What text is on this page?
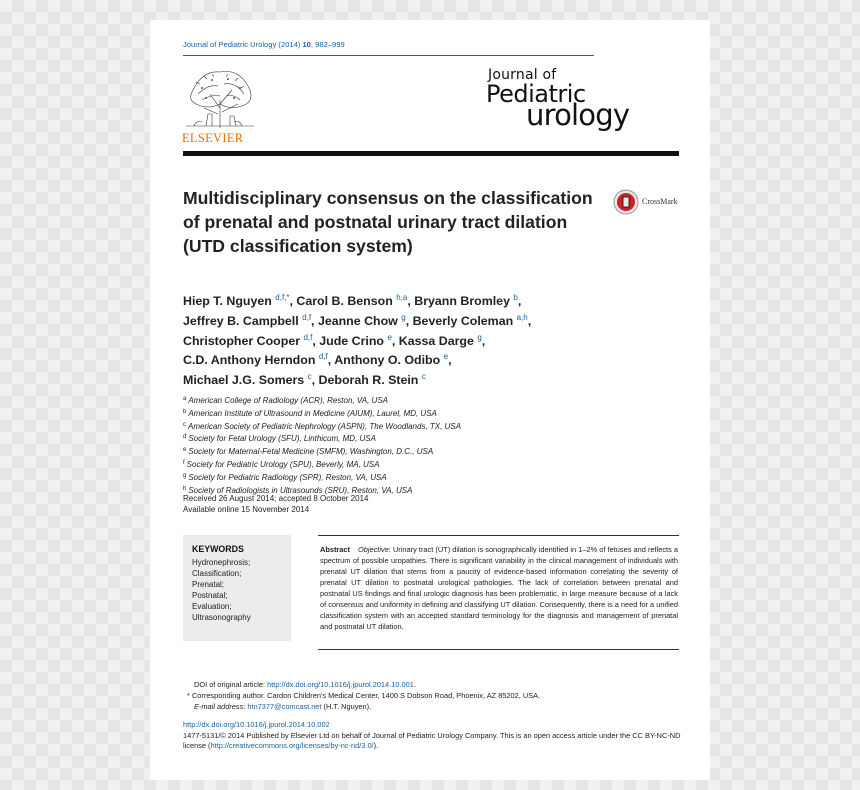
Journal of Pediatric Urology (2014) 10, 982–999
ELSEVIER
Journal of
Pediatric
urology
Multidisciplinary consensus on the classification of prenatal and postnatal urinary tract dilation (UTD classification system)
CrossMark
Hiep T. Nguyen $^{d,f,*}$, Carol B. Benson $^{h,a}$, Bryann Bromley $^b$,
Jeffrey B. Campbell $^{d,f}$, Jeanne Chow $^g$, Beverly Coleman $^{a,h}$,
Christopher Cooper $^{d,f}$, Jude Crino $^e$, Kassa Darge $^g$,
C.D. Anthony Herndon $^{d,f}$, Anthony O. Odibo $^e$,
Michael J.G. Somers $^c$, Deborah R. Stein $^c$
$^a$ American College of Radiology (ACR), Reston, VA, USA
$^b$ American Institute of Ultrasound in Medicine (AIUM), Laurel, MD, USA
$^c$ American Society of Pediatric Nephrology (ASPN), The Woodlands, TX, USA
$^d$ Society for Fetal Urology (SFU), Linthicum, MD, USA
$^e$ Society for Maternal-Fetal Medicine (SMFM), Washington, D.C., USA
$^f$ Society for Pediatric Urology (SPU), Beverly, MA, USA
$^g$ Society for Pediatric Radiology (SPR), Reston, VA, USA
$^h$ Society of Radiologists in Ultrasounds (SRU), Reston, VA, USA
Received 26 August 2014; accepted 8 October 2014
Available online 15 November 2014
KEYWORDS
Hydronephrosis;
Classification;
Prenatal;
Postnatal;
Evaluation;
Ultrasonography
Abstract Objective: Urinary tract (UT) dilation is sonographically identified in 1–2% of fetuses and reflects a spectrum of possible uropathies. There is significant variability in the clinical management of individuals with prenatal UT dilation that stems from a paucity of evidence-based information correlating the severity of prenatal UT dilation to postnatal urological pathologies. The lack of correlation between prenatal and postnatal US findings and final urologic diagnosis has been problematic, in large measure because of a lack of consensus and uniformity in defining and classifying UT dilation. Consequently, there is a need for a unified classification system with an accepted standard terminology for the diagnosis and management of prenatal and postnatal UT dilation.
DOI of original article: http://dx.doi.org/10.1016/j.jpurol.2014.10.001.
* Corresponding author. Cardon Children's Medical Center, 1400 S Dobson Road, Phoenix, AZ 85202, USA.
E-mail address: htn7377@comcast.net (H.T. Nguyen).
http://dx.doi.org/10.1016/j.jpurol.2014.10.002
1477-5131/© 2014 Published by Elsevier Ltd on behalf of Journal of Pediatric Urology Company. This is an open access article under the CC BY-NC-ND license (http://creativecommons.org/licenses/by-nc-nd/3.0/).
